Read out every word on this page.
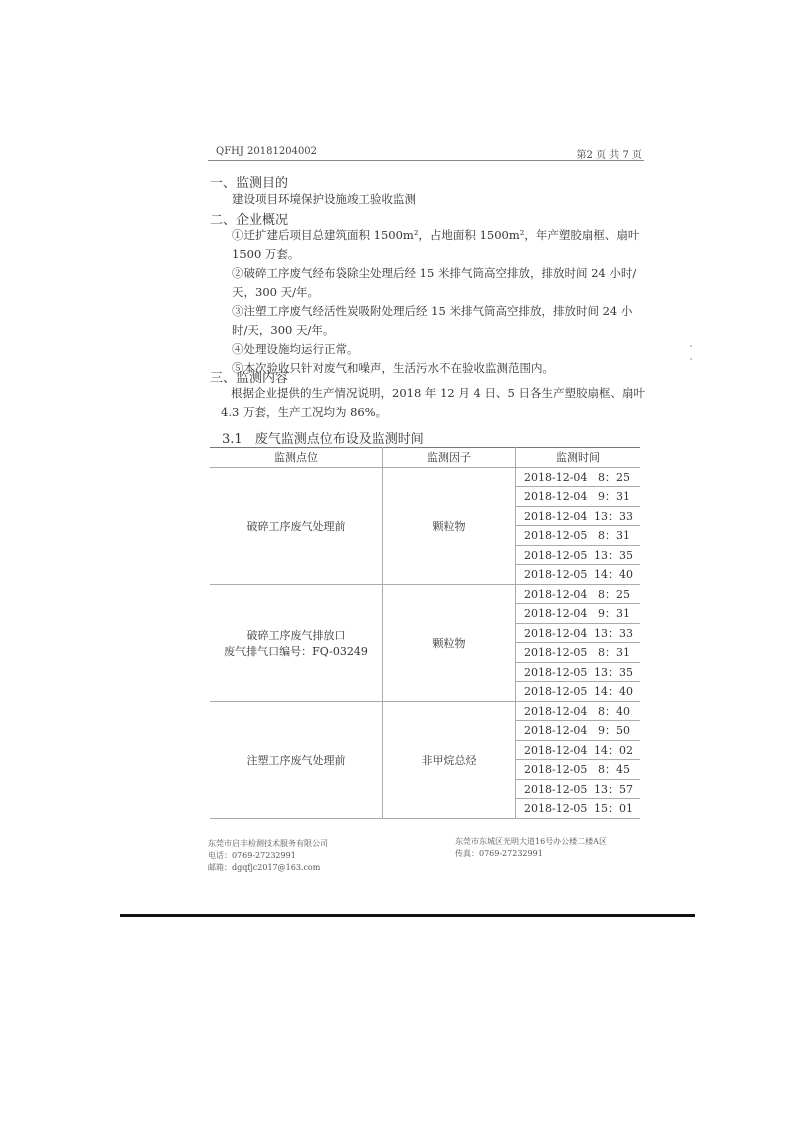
QFHJ 20181204002	第2 页 共 7 页
一、监测目的
建设项目环境保护设施竣工验收监测
二、企业概况
①迁扩建后项目总建筑面积 1500m²，占地面积 1500m²，年产塑胶扇框、扇叶 1500 万套。
②破碎工序废气经布袋除尘处理后经 15 米排气筒高空排放，排放时间 24 小时/天，300 天/年。
③注塑工序废气经活性炭吸附处理后经 15 米排气筒高空排放，排放时间 24 小时/天，300 天/年。
④处理设施均运行正常。
⑤本次验收只针对废气和噪声，生活污水不在验收监测范围内。
三、监测内容
根据企业提供的生产情况说明，2018 年 12 月 4 日、5 日各生产塑胶扇框、扇叶 4.3 万套，生产工况均为 86%。
3.1 废气监测点位布设及监测时间
监测点位	监测因子	监测时间

破碎工序废气处理前	颗粒物	2018-12-04 8：25
		2018-12-04 9：31
		2018-12-04 13：33
		2018-12-05 8：31
		2018-12-05 13：35
		2018-12-05 14：40

破碎工序废气排放口
废气排气口编号：FQ-03249	颗粒物	2018-12-04 8：25
		2018-12-04 9：31
		2018-12-04 13：33
		2018-12-05 8：31
		2018-12-05 13：35
		2018-12-05 14：40

注塑工序废气处理前	非甲烷总烃	2018-12-04 8：40
		2018-12-04 9：50
		2018-12-04 14：02
		2018-12-05 8：45
		2018-12-05 13：57
		2018-12-05 15：01
东莞市启丰检测技术服务有限公司
电话：0769-27232991
邮箱：dgqfjc2017@163.com
东莞市东城区光明大道16号办公楼二楼A区
传真：0769-27232991
